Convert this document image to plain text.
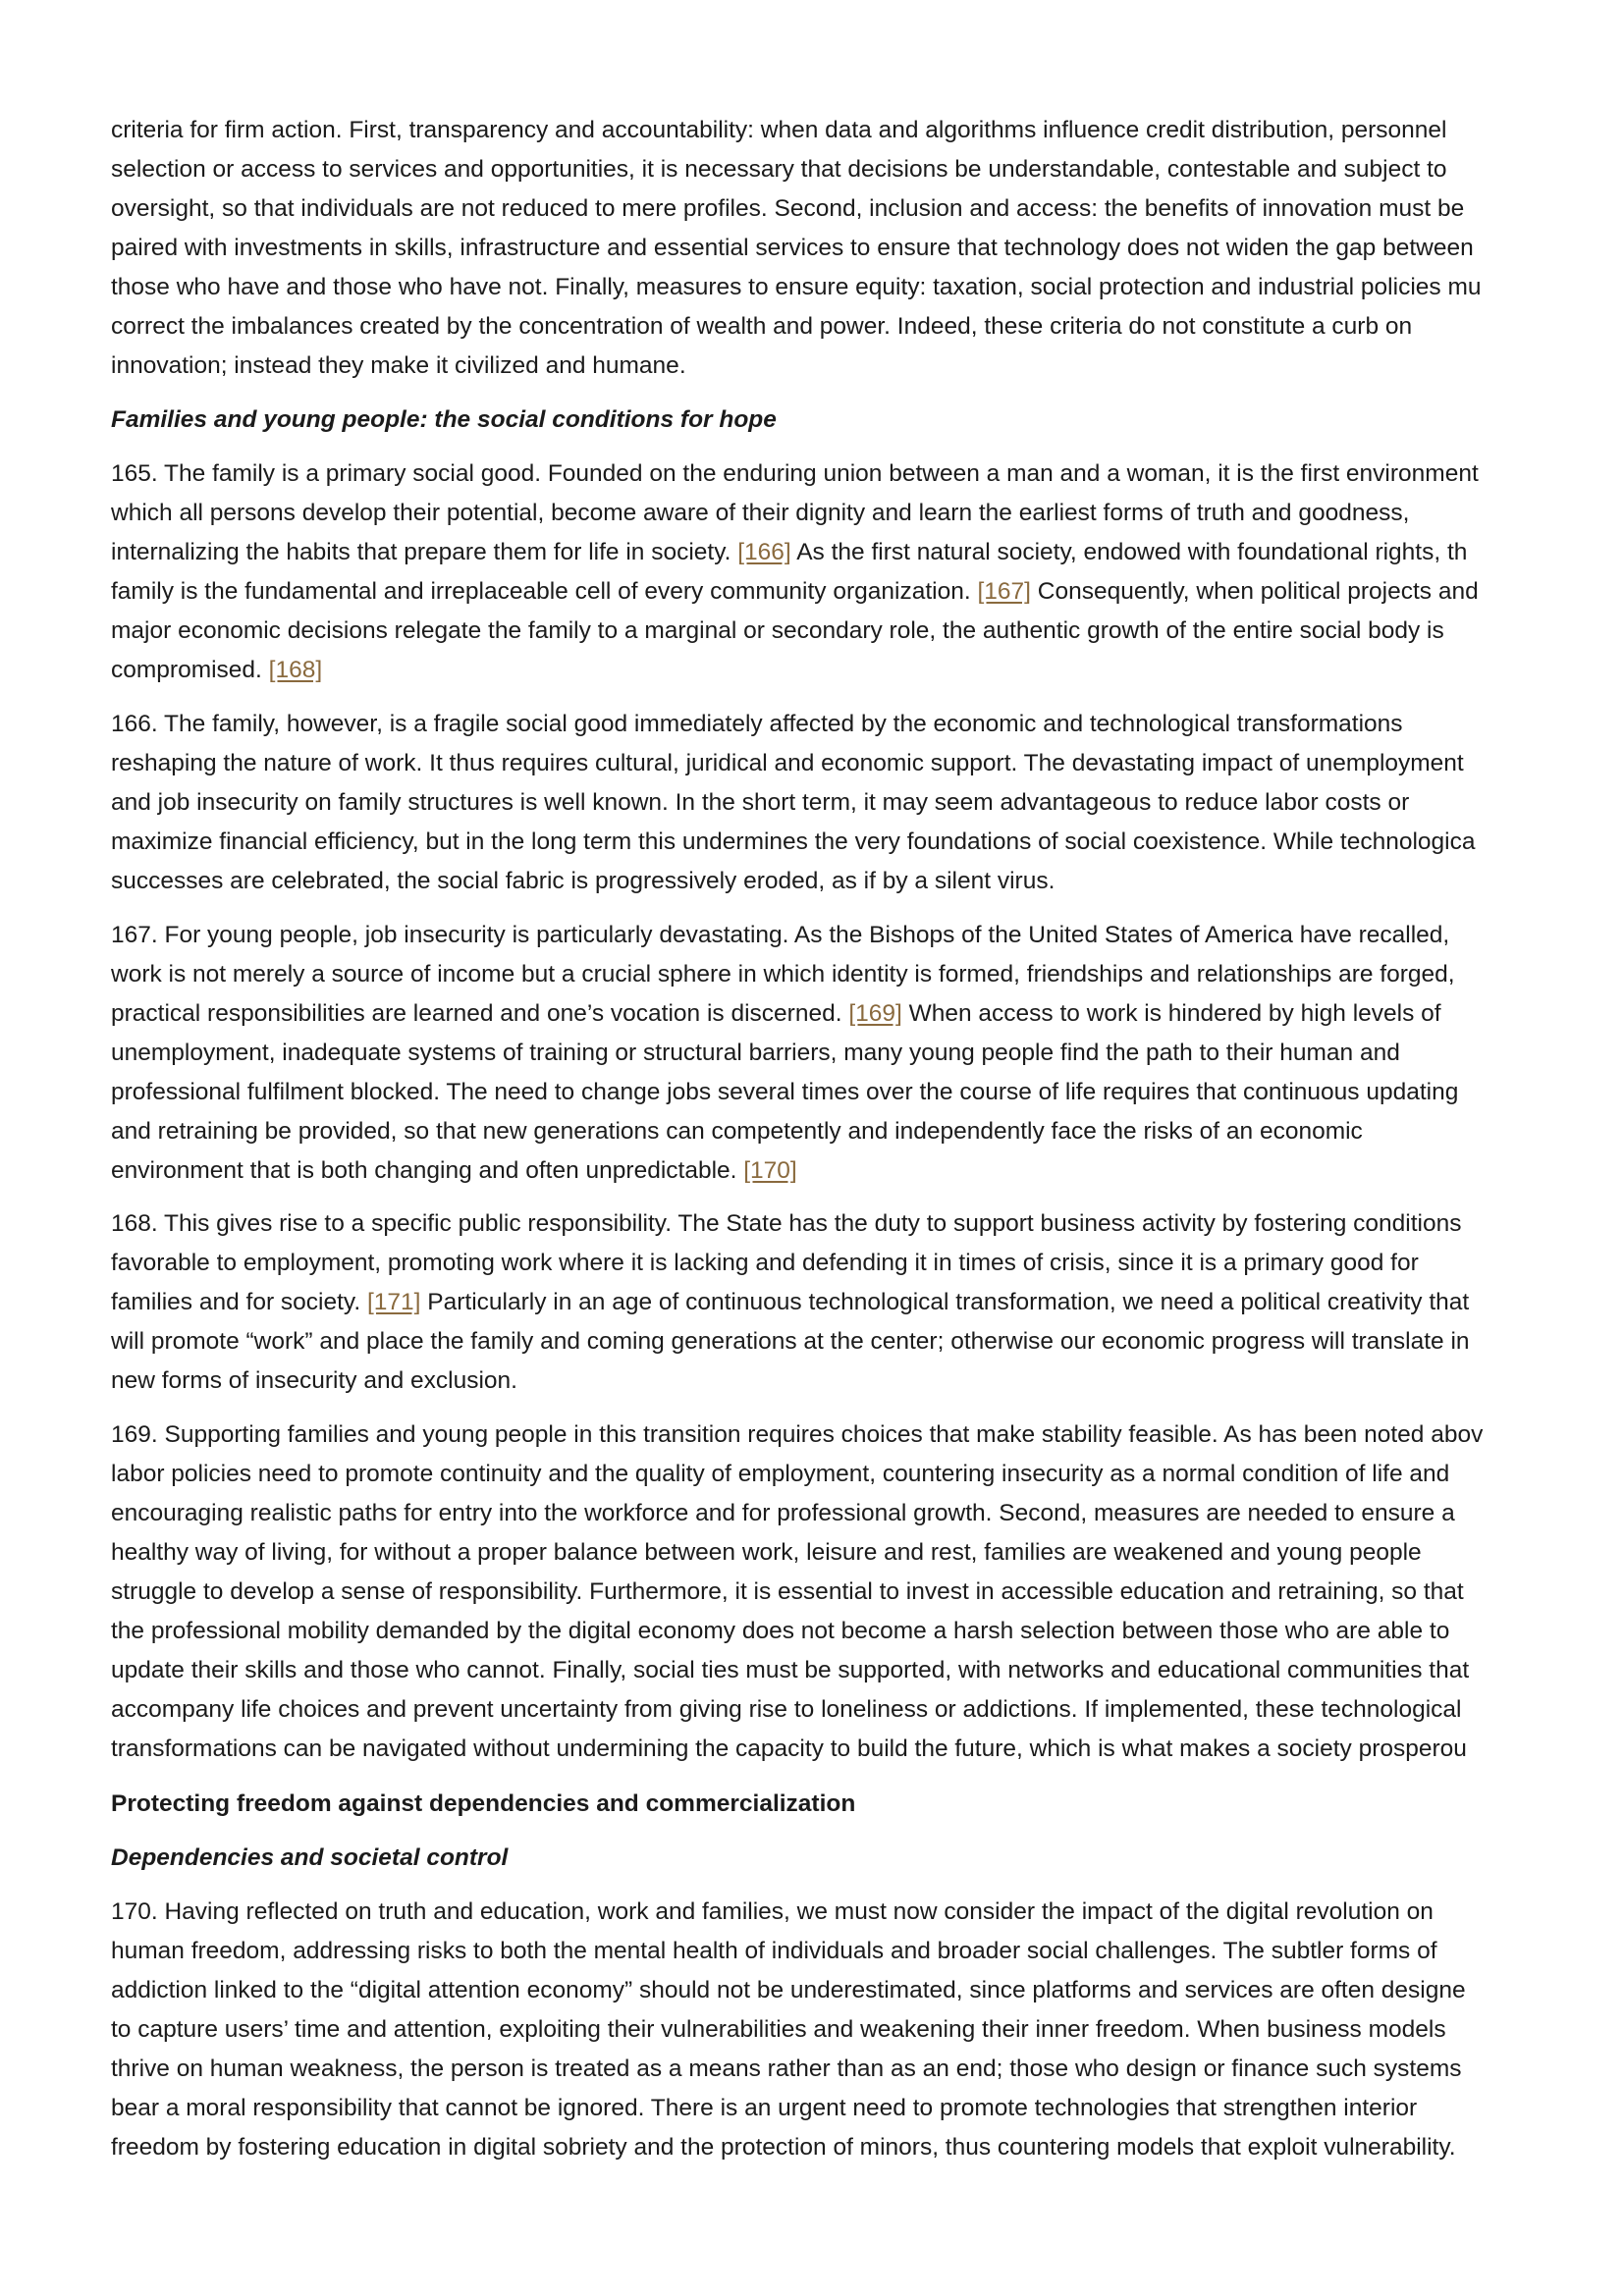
criteria for firm action. First, transparency and accountability: when data and algorithms influence credit distribution, personnel
selection or access to services and opportunities, it is necessary that decisions be understandable, contestable and subject to
oversight, so that individuals are not reduced to mere profiles. Second, inclusion and access: the benefits of innovation must be
paired with investments in skills, infrastructure and essential services to ensure that technology does not widen the gap between
those who have and those who have not. Finally, measures to ensure equity: taxation, social protection and industrial policies mu
correct the imbalances created by the concentration of wealth and power. Indeed, these criteria do not constitute a curb on
innovation; instead they make it civilized and humane.

Families and young people: the social conditions for hope

165. The family is a primary social good. Founded on the enduring union between a man and a woman, it is the first environment
which all persons develop their potential, become aware of their dignity and learn the earliest forms of truth and goodness,
internalizing the habits that prepare them for life in society. [166] As the first natural society, endowed with foundational rights, th
family is the fundamental and irreplaceable cell of every community organization. [167] Consequently, when political projects and
major economic decisions relegate the family to a marginal or secondary role, the authentic growth of the entire social body is
compromised. [168]

166. The family, however, is a fragile social good immediately affected by the economic and technological transformations
reshaping the nature of work. It thus requires cultural, juridical and economic support. The devastating impact of unemployment
and job insecurity on family structures is well known. In the short term, it may seem advantageous to reduce labor costs or
maximize financial efficiency, but in the long term this undermines the very foundations of social coexistence. While technologica
successes are celebrated, the social fabric is progressively eroded, as if by a silent virus.

167. For young people, job insecurity is particularly devastating. As the Bishops of the United States of America have recalled,
work is not merely a source of income but a crucial sphere in which identity is formed, friendships and relationships are forged,
practical responsibilities are learned and one’s vocation is discerned. [169] When access to work is hindered by high levels of
unemployment, inadequate systems of training or structural barriers, many young people find the path to their human and
professional fulfilment blocked. The need to change jobs several times over the course of life requires that continuous updating
and retraining be provided, so that new generations can competently and independently face the risks of an economic
environment that is both changing and often unpredictable. [170]

168. This gives rise to a specific public responsibility. The State has the duty to support business activity by fostering conditions
favorable to employment, promoting work where it is lacking and defending it in times of crisis, since it is a primary good for
families and for society. [171] Particularly in an age of continuous technological transformation, we need a political creativity that
will promote “work” and place the family and coming generations at the center; otherwise our economic progress will translate in
new forms of insecurity and exclusion.

169. Supporting families and young people in this transition requires choices that make stability feasible. As has been noted abov
labor policies need to promote continuity and the quality of employment, countering insecurity as a normal condition of life and
encouraging realistic paths for entry into the workforce and for professional growth. Second, measures are needed to ensure a
healthy way of living, for without a proper balance between work, leisure and rest, families are weakened and young people
struggle to develop a sense of responsibility. Furthermore, it is essential to invest in accessible education and retraining, so that
the professional mobility demanded by the digital economy does not become a harsh selection between those who are able to
update their skills and those who cannot. Finally, social ties must be supported, with networks and educational communities that
accompany life choices and prevent uncertainty from giving rise to loneliness or addictions. If implemented, these technological
transformations can be navigated without undermining the capacity to build the future, which is what makes a society prosperou

Protecting freedom against dependencies and commercialization

Dependencies and societal control

170. Having reflected on truth and education, work and families, we must now consider the impact of the digital revolution on
human freedom, addressing risks to both the mental health of individuals and broader social challenges. The subtler forms of
addiction linked to the “digital attention economy” should not be underestimated, since platforms and services are often designe
to capture users’ time and attention, exploiting their vulnerabilities and weakening their inner freedom. When business models
thrive on human weakness, the person is treated as a means rather than as an end; those who design or finance such systems
bear a moral responsibility that cannot be ignored. There is an urgent need to promote technologies that strengthen interior
freedom by fostering education in digital sobriety and the protection of minors, thus countering models that exploit vulnerability.
